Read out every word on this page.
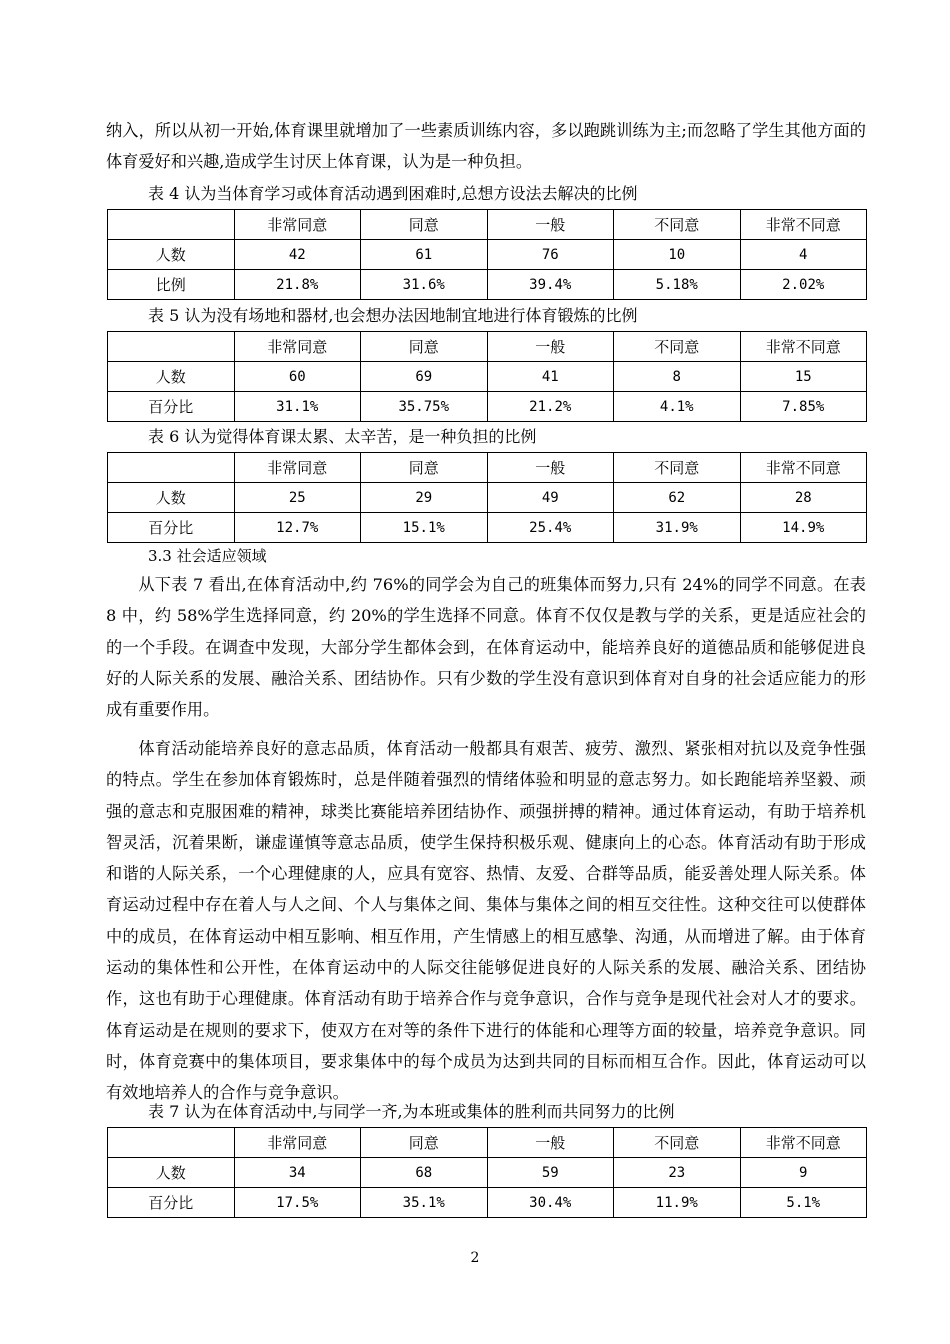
纳入，所以从初一开始,体育课里就增加了一些素质训练内容，多以跑跳训练为主;而忽略了学生其他方面的体育爱好和兴趣,造成学生讨厌上体育课，认为是一种负担。

表 4 认为当体育学习或体育活动遇到困难时,总想方设法去解决的比例

	非常同意	同意	一般	不同意	非常不同意
人数	42	61	76	10	4
比例	21.8%	31.6%	39.4%	5.18%	2.02%

表 5 认为没有场地和器材,也会想办法因地制宜地进行体育锻炼的比例

	非常同意	同意	一般	不同意	非常不同意
人数	60	69	41	8	15
百分比	31.1%	35.75%	21.2%	4.1%	7.85%

表 6 认为觉得体育课太累、太辛苦，是一种负担的比例

	非常同意	同意	一般	不同意	非常不同意
人数	25	29	49	62	28
百分比	12.7%	15.1%	25.4%	31.9%	14.9%

3.3 社会适应领域

从下表 7 看出,在体育活动中,约 76%的同学会为自己的班集体而努力,只有 24%的同学不同意。在表 8 中，约 58%学生选择同意，约 20%的学生选择不同意。体育不仅仅是教与学的关系，更是适应社会的的一个手段。在调查中发现，大部分学生都体会到，在体育运动中，能培养良好的道德品质和能够促进良好的人际关系的发展、融洽关系、团结协作。只有少数的学生没有意识到体育对自身的社会适应能力的形成有重要作用。

体育活动能培养良好的意志品质，体育活动一般都具有艰苦、疲劳、激烈、紧张相对抗以及竞争性强的特点。学生在参加体育锻炼时，总是伴随着强烈的情绪体验和明显的意志努力。如长跑能培养坚毅、顽强的意志和克服困难的精神，球类比赛能培养团结协作、顽强拼搏的精神。通过体育运动，有助于培养机智灵活，沉着果断，谦虚谨慎等意志品质，使学生保持积极乐观、健康向上的心态。体育活动有助于形成和谐的人际关系，一个心理健康的人，应具有宽容、热情、友爱、合群等品质，能妥善处理人际关系。体育运动过程中存在着人与人之间、个人与集体之间、集体与集体之间的相互交往性。这种交往可以使群体中的成员，在体育运动中相互影响、相互作用，产生情感上的相互感挚、沟通，从而增进了解。由于体育运动的集体性和公开性，在体育运动中的人际交往能够促进良好的人际关系的发展、融洽关系、团结协作，这也有助于心理健康。体育活动有助于培养合作与竞争意识，合作与竞争是现代社会对人才的要求。体育运动是在规则的要求下，使双方在对等的条件下进行的体能和心理等方面的较量，培养竞争意识。同时，体育竞赛中的集体项目，要求集体中的每个成员为达到共同的目标而相互合作。因此，体育运动可以有效地培养人的合作与竞争意识。

表 7 认为在体育活动中,与同学一齐,为本班或集体的胜利而共同努力的比例

	非常同意	同意	一般	不同意	非常不同意
人数	34	68	59	23	9
百分比	17.5%	35.1%	30.4%	11.9%	5.1%
2
